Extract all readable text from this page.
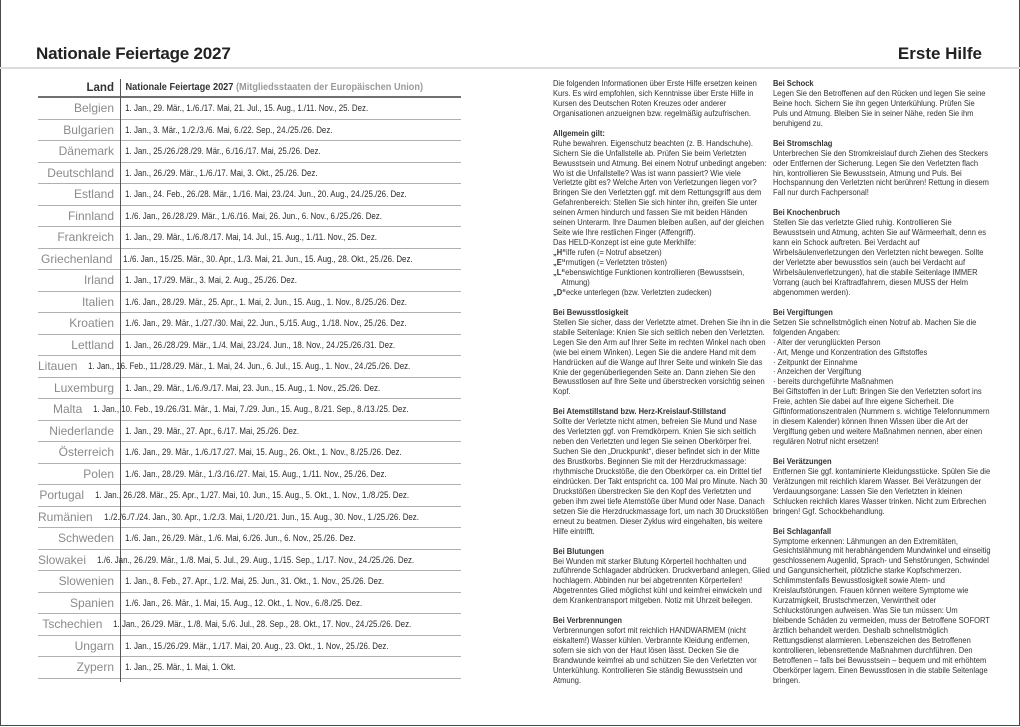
Nationale Feiertage 2027	Erste Hilfe
Land	Nationale Feiertage 2027 (Mitgliedsstaaten der Europäischen Union)
Belgien	1. Jan., 29. Mär., 1./6./17. Mai, 21. Jul., 15. Aug., 1./11. Nov., 25. Dez.
Bulgarien	1. Jan., 3. Mär., 1./2./3./6. Mai, 6./22. Sep., 24./25./26. Dez.
Dänemark	1. Jan., 25./26./28./29. Mär., 6./16./17. Mai, 25./26. Dez.
Deutschland	1. Jan., 26./29. Mär., 1./6./17. Mai, 3. Okt., 25./26. Dez.
Estland	1. Jan., 24. Feb., 26./28. Mär., 1./16. Mai, 23./24. Jun., 20. Aug., 24./25./26. Dez.
Finnland	1./6. Jan., 26./28./29. Mär., 1./6./16. Mai, 26. Jun., 6. Nov., 6./25./26. Dez.
Frankreich	1. Jan., 29. Mär., 1./6./8./17. Mai, 14. Jul., 15. Aug., 1./11. Nov., 25. Dez.
Griechenland	1./6. Jan., 15./25. Mär., 30. Apr., 1./3. Mai, 21. Jun., 15. Aug., 28. Okt., 25./26. Dez.
Irland	1. Jan., 17./29. Mär., 3. Mai, 2. Aug., 25./26. Dez.
Italien	1./6. Jan., 28./29. Mär., 25. Apr., 1. Mai, 2. Jun., 15. Aug., 1. Nov., 8./25./26. Dez.
Kroatien	1./6. Jan., 29. Mär., 1./27./30. Mai, 22. Jun., 5./15. Aug., 1./18. Nov., 25./26. Dez.
Lettland	1. Jan., 26./28./29. Mär., 1./4. Mai, 23./24. Jun., 18. Nov., 24./25./26./31. Dez.
Litauen	1. Jan., 16. Feb., 11./28./29. Mär., 1. Mai, 24. Jun., 6. Jul., 15. Aug., 1. Nov., 24./25./26. Dez.
Luxemburg	1. Jan., 29. Mär., 1./6./9./17. Mai, 23. Jun., 15. Aug., 1. Nov., 25./26. Dez.
Malta	1. Jan., 10. Feb., 19./26./31. Mär., 1. Mai, 7./29. Jun., 15. Aug., 8./21. Sep., 8./13./25. Dez.
Niederlande	1. Jan., 29. Mär., 27. Apr., 6./17. Mai, 25./26. Dez.
Österreich	1./6. Jan., 29. Mär., 1./6./17./27. Mai, 15. Aug., 26. Okt., 1. Nov., 8./25./26. Dez.
Polen	1./6. Jan., 28./29. Mär., 1./3./16./27. Mai, 15. Aug., 1./11. Nov., 25./26. Dez.
Portugal	1. Jan., 26./28. Mär., 25. Apr., 1./27. Mai, 10. Jun., 15. Aug., 5. Okt., 1. Nov., 1./8./25. Dez.
Rumänien	1./2./6./7./24. Jan., 30. Apr., 1./2./3. Mai, 1./20./21. Jun., 15. Aug., 30. Nov., 1./25./26. Dez.
Schweden	1./6. Jan., 26./29. Mär., 1./6. Mai, 6./26. Jun., 6. Nov., 25./26. Dez.
Slowakei	1./6. Jan., 26./29. Mär., 1./8. Mai, 5. Jul., 29. Aug., 1./15. Sep., 1./17. Nov., 24./25./26. Dez.
Slowenien	1. Jan., 8. Feb., 27. Apr., 1./2. Mai, 25. Jun., 31. Okt., 1. Nov., 25./26. Dez.
Spanien	1./6. Jan., 26. Mär., 1. Mai, 15. Aug., 12. Okt., 1. Nov., 6./8./25. Dez.
Tschechien	1. Jan., 26./29. Mär., 1./8. Mai, 5./6. Jul., 28. Sep., 28. Okt., 17. Nov., 24./25./26. Dez.
Ungarn	1. Jan., 15./26./29. Mär., 1./17. Mai, 20. Aug., 23. Okt., 1. Nov., 25./26. Dez.
Zypern	1. Jan., 25. Mär., 1. Mai, 1. Okt.

Die folgenden Informationen über Erste Hilfe ersetzen keinen Kurs. Es wird empfohlen, sich Kenntnisse über Erste Hilfe in Kursen des Deutschen Roten Kreuzes oder anderer Organisationen anzueignen bzw. regelmäßig aufzufrischen.

Allgemein gilt:
Ruhe bewahren. Eigenschutz beachten (z. B. Handschuhe). Sichern Sie die Unfallstelle ab. Prüfen Sie beim Verletzten Bewusstsein und Atmung. Bei einem Notruf unbedingt angeben: Wo ist die Unfallstelle? Was ist wann passiert? Wie viele Verletzte gibt es? Welche Arten von Verletzungen liegen vor? Bringen Sie den Verletzten ggf. mit dem Rettungsgriff aus dem Gefahrenbereich: Stellen Sie sich hinter ihn, greifen Sie unter seinen Armen hindurch und fassen Sie mit beiden Händen seinen Unterarm. Ihre Daumen bleiben außen, auf der gleichen Seite wie Ihre restlichen Finger (Affengriff).
Das HELD-Konzept ist eine gute Merkhilfe:
„H“ilfe rufen (= Notruf absetzen)
„E“rmutigen (= Verletzten trösten)
„L“ebenswichtige Funktionen kontrollieren (Bewusstsein,
Atmung)
„D“ecke unterlegen (bzw. Verletzten zudecken)

Bei Bewusstlosigkeit
Stellen Sie sicher, dass der Verletzte atmet. Drehen Sie ihn in die stabile Seitenlage: Knien Sie sich seitlich neben den Verletzten. Legen Sie den Arm auf Ihrer Seite im rechten Winkel nach oben (wie bei einem Winken). Legen Sie die andere Hand mit dem Handrücken auf die Wange auf Ihrer Seite und winkeln Sie das Knie der gegenüberliegenden Seite an. Dann ziehen Sie den Bewusstlosen auf Ihre Seite und überstrecken vorsichtig seinen Kopf.

Bei Atemstillstand bzw. Herz-Kreislauf-Stillstand
Sollte der Verletzte nicht atmen, befreien Sie Mund und Nase des Verletzten ggf. von Fremdkörpern. Knien Sie sich seitlich neben den Verletzten und legen Sie seinen Oberkörper frei. Suchen Sie den „Druckpunkt“, dieser befindet sich in der Mitte des Brustkorbs. Beginnen Sie mit der Herzdruckmassage: rhythmische Druckstöße, die den Oberkörper ca. ein Drittel tief eindrücken. Der Takt entspricht ca. 100 Mal pro Minute. Nach 30 Druckstößen überstrecken Sie den Kopf des Verletzten und geben ihm zwei tiefe Atemstöße über Mund oder Nase. Danach setzen Sie die Herzdruckmassage fort, um nach 30 Druckstößen erneut zu beatmen. Dieser Zyklus wird eingehalten, bis weitere Hilfe eintrifft.

Bei Blutungen
Bei Wunden mit starker Blutung Körperteil hochhalten und zuführende Schlagader abdrücken. Druckverband anlegen, Glied hochlagern. Abbinden nur bei abgetrennten Körperteilen! Abgetrenntes Glied möglichst kühl und keimfrei einwickeln und dem Krankentransport mitgeben. Notiz mit Uhrzeit beilegen.

Bei Verbrennungen
Verbrennungen sofort mit reichlich HANDWARMEM (nicht eiskaltem!) Wasser kühlen. Verbrannte Kleidung entfernen, sofern sie sich von der Haut lösen lässt. Decken Sie die Brandwunde keimfrei ab und schützen Sie den Verletzten vor Unterkühlung. Kontrollieren Sie ständig Bewusstsein und Atmung.

Bei Schock
Legen Sie den Betroffenen auf den Rücken und legen Sie seine Beine hoch. Sichern Sie ihn gegen Unterkühlung. Prüfen Sie Puls und Atmung. Bleiben Sie in seiner Nähe, reden Sie ihm beruhigend zu.

Bei Stromschlag
Unterbrechen Sie den Stromkreislauf durch Ziehen des Steckers oder Entfernen der Sicherung. Legen Sie den Verletzten flach hin, kontrollieren Sie Bewusstsein, Atmung und Puls. Bei Hochspannung den Verletzten nicht berühren! Rettung in diesem Fall nur durch Fachpersonal!

Bei Knochenbruch
Stellen Sie das verletzte Glied ruhig. Kontrollieren Sie Bewusstsein und Atmung, achten Sie auf Wärmeerhalt, denn es kann ein Schock auftreten. Bei Verdacht auf Wirbelsäulenverletzungen den Verletzten nicht bewegen. Sollte der Verletzte aber bewusstlos sein (auch bei Verdacht auf Wirbelsäulenverletzungen), hat die stabile Seitenlage IMMER Vorrang (auch bei Kraftradfahrern, diesen MUSS der Helm abgenommen werden).

Bei Vergiftungen
Setzen Sie schnellstmöglich einen Notruf ab. Machen Sie die folgenden Angaben:
· Alter der verunglückten Person
· Art, Menge und Konzentration des Giftstoffes
· Zeitpunkt der Einnahme
· Anzeichen der Vergiftung
· bereits durchgeführte Maßnahmen
Bei Giftstoffen in der Luft: Bringen Sie den Verletzten sofort ins Freie, achten Sie dabei auf Ihre eigene Sicherheit. Die Giftinformationszentralen (Nummern s. wichtige Telefonnummern in diesem Kalender) können Ihnen Wissen über die Art der Vergiftung geben und weitere Maßnahmen nennen, aber einen regulären Notruf nicht ersetzen!

Bei Verätzungen
Entfernen Sie ggf. kontaminierte Kleidungsstücke. Spülen Sie die Verätzungen mit reichlich klarem Wasser. Bei Verätzungen der Verdauungsorgane: Lassen Sie den Verletzten in kleinen Schlucken reichlich klares Wasser trinken. Nicht zum Erbrechen bringen! Ggf. Schockbehandlung.

Bei Schlaganfall
Symptome erkennen: Lähmungen an den Extremitäten, Gesichtslähmung mit herabhängendem Mundwinkel und einseitig geschlossenem Augenlid, Sprach- und Sehstörungen, Schwindel und Gangunsicherheit, plötzliche starke Kopfschmerzen. Schlimmstenfalls Bewusstlosigkeit sowie Atem- und Kreislaufstörungen. Frauen können weitere Symptome wie Kurzatmigkeit, Brustschmerzen, Verwirrtheit oder Schluckstörungen aufweisen. Was Sie tun müssen: Um bleibende Schäden zu vermeiden, muss der Betroffene SOFORT ärztlich behandelt werden. Deshalb schnellstmöglich Rettungsdienst alarmieren. Lebenszeichen des Betroffenen kontrollieren, lebensrettende Maßnahmen durchführen. Den Betroffenen – falls bei Bewusstsein – bequem und mit erhöhtem Oberkörper lagern. Einen Bewusstlosen in die stabile Seitenlage bringen.
